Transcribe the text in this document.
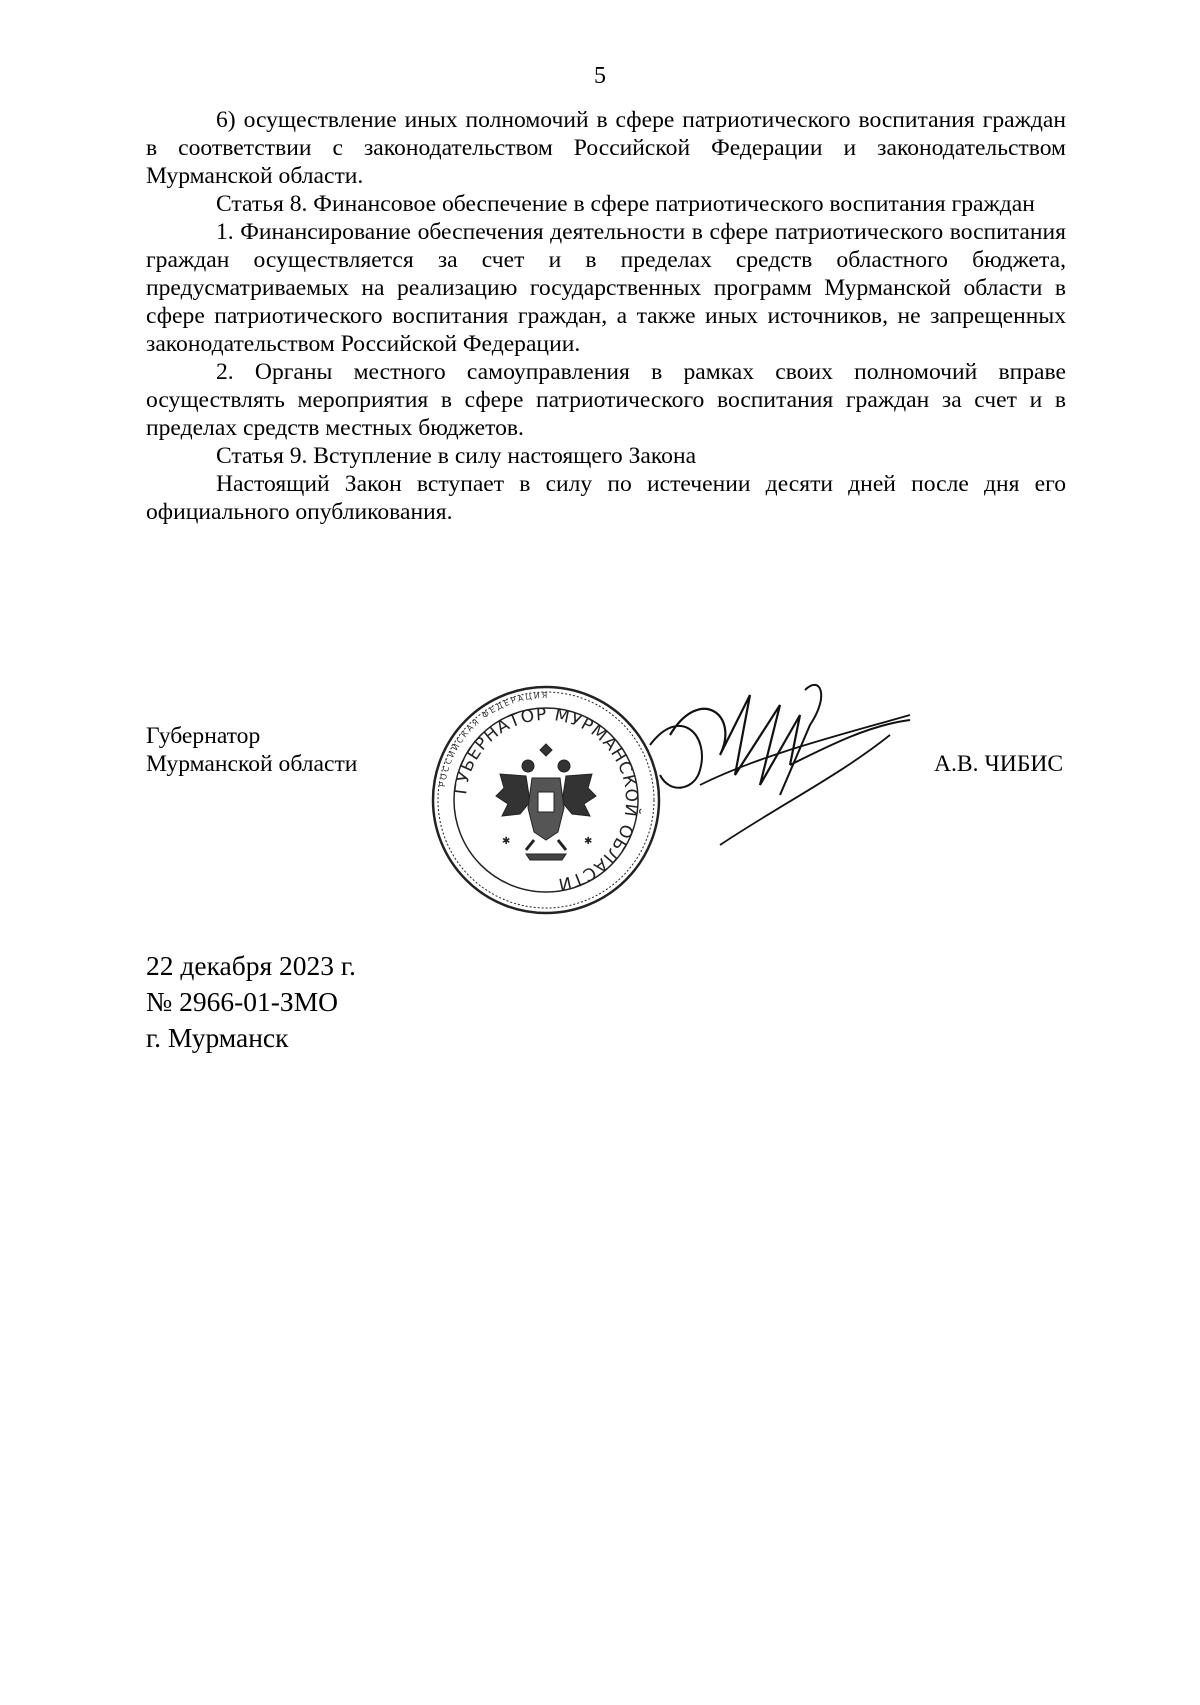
5

6) осуществление иных полномочий в сфере патриотического воспитания граждан в соответствии с законодательством Российской Федерации и законодательством Мурманской области.

Статья 8. Финансовое обеспечение в сфере патриотического воспитания граждан

1. Финансирование обеспечения деятельности в сфере патриотического воспитания граждан осуществляется за счет и в пределах средств областного бюджета, предусматриваемых на реализацию государственных программ Мурманской области в сфере патриотического воспитания граждан, а также иных источников, не запрещенных законодательством Российской Федерации.

2. Органы местного самоуправления в рамках своих полномочий вправе осуществлять мероприятия в сфере патриотического воспитания граждан за счет и в пределах средств местных бюджетов.

Статья 9. Вступление в силу настоящего Закона

Настоящий Закон вступает в силу по истечении десяти дней после дня его официального опубликования.

Губернатор
Мурманской области
РОССИЙСКАЯ ФЕДЕРАЦИЯ
ГУБЕРНАТОР МУРМАНСКОЙ ОБЛАСТИ
✱	✱
А.В. ЧИБИС
22 декабря 2023 г.
№ 2966-01-ЗМО
г. Мурманск
